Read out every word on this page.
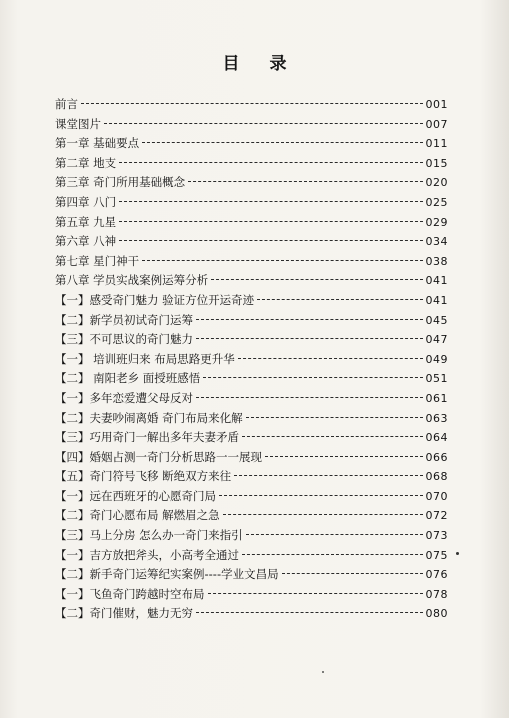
目 录
前言	001
课堂图片	007
第一章 基础要点	011
第二章 地支	015
第三章 奇门所用基础概念	020
第四章 八门	025
第五章 九星	029
第六章 八神	034
第七章 星门神干	038
第八章 学员实战案例运筹分析	041
【一】感受奇门魅力 验证方位开运奇迹	041
【二】新学员初试奇门运筹	045
【三】不可思议的奇门魅力	047
【一】 培训班归来 布局思路更升华	049
【二】 南阳老乡 面授班感悟	051
【一】多年恋爱遭父母反对	061
【二】夫妻吵闹离婚 奇门布局来化解	063
【三】巧用奇门一解出多年夫妻矛盾	064
【四】婚姻占测一奇门分析思路一一展现	066
【五】奇门符号飞移 断绝双方来往	068
【一】远在西班牙的心愿奇门局	070
【二】奇门心愿布局 解燃眉之急	072
【三】马上分房 怎么办一奇门来指引	073
【一】吉方放把斧头，小高考全通过	075
【二】新手奇门运筹纪实案例----学业文昌局	076
【一】飞鱼奇门跨越时空布局	078
【二】奇门催财，魅力无穷	080
